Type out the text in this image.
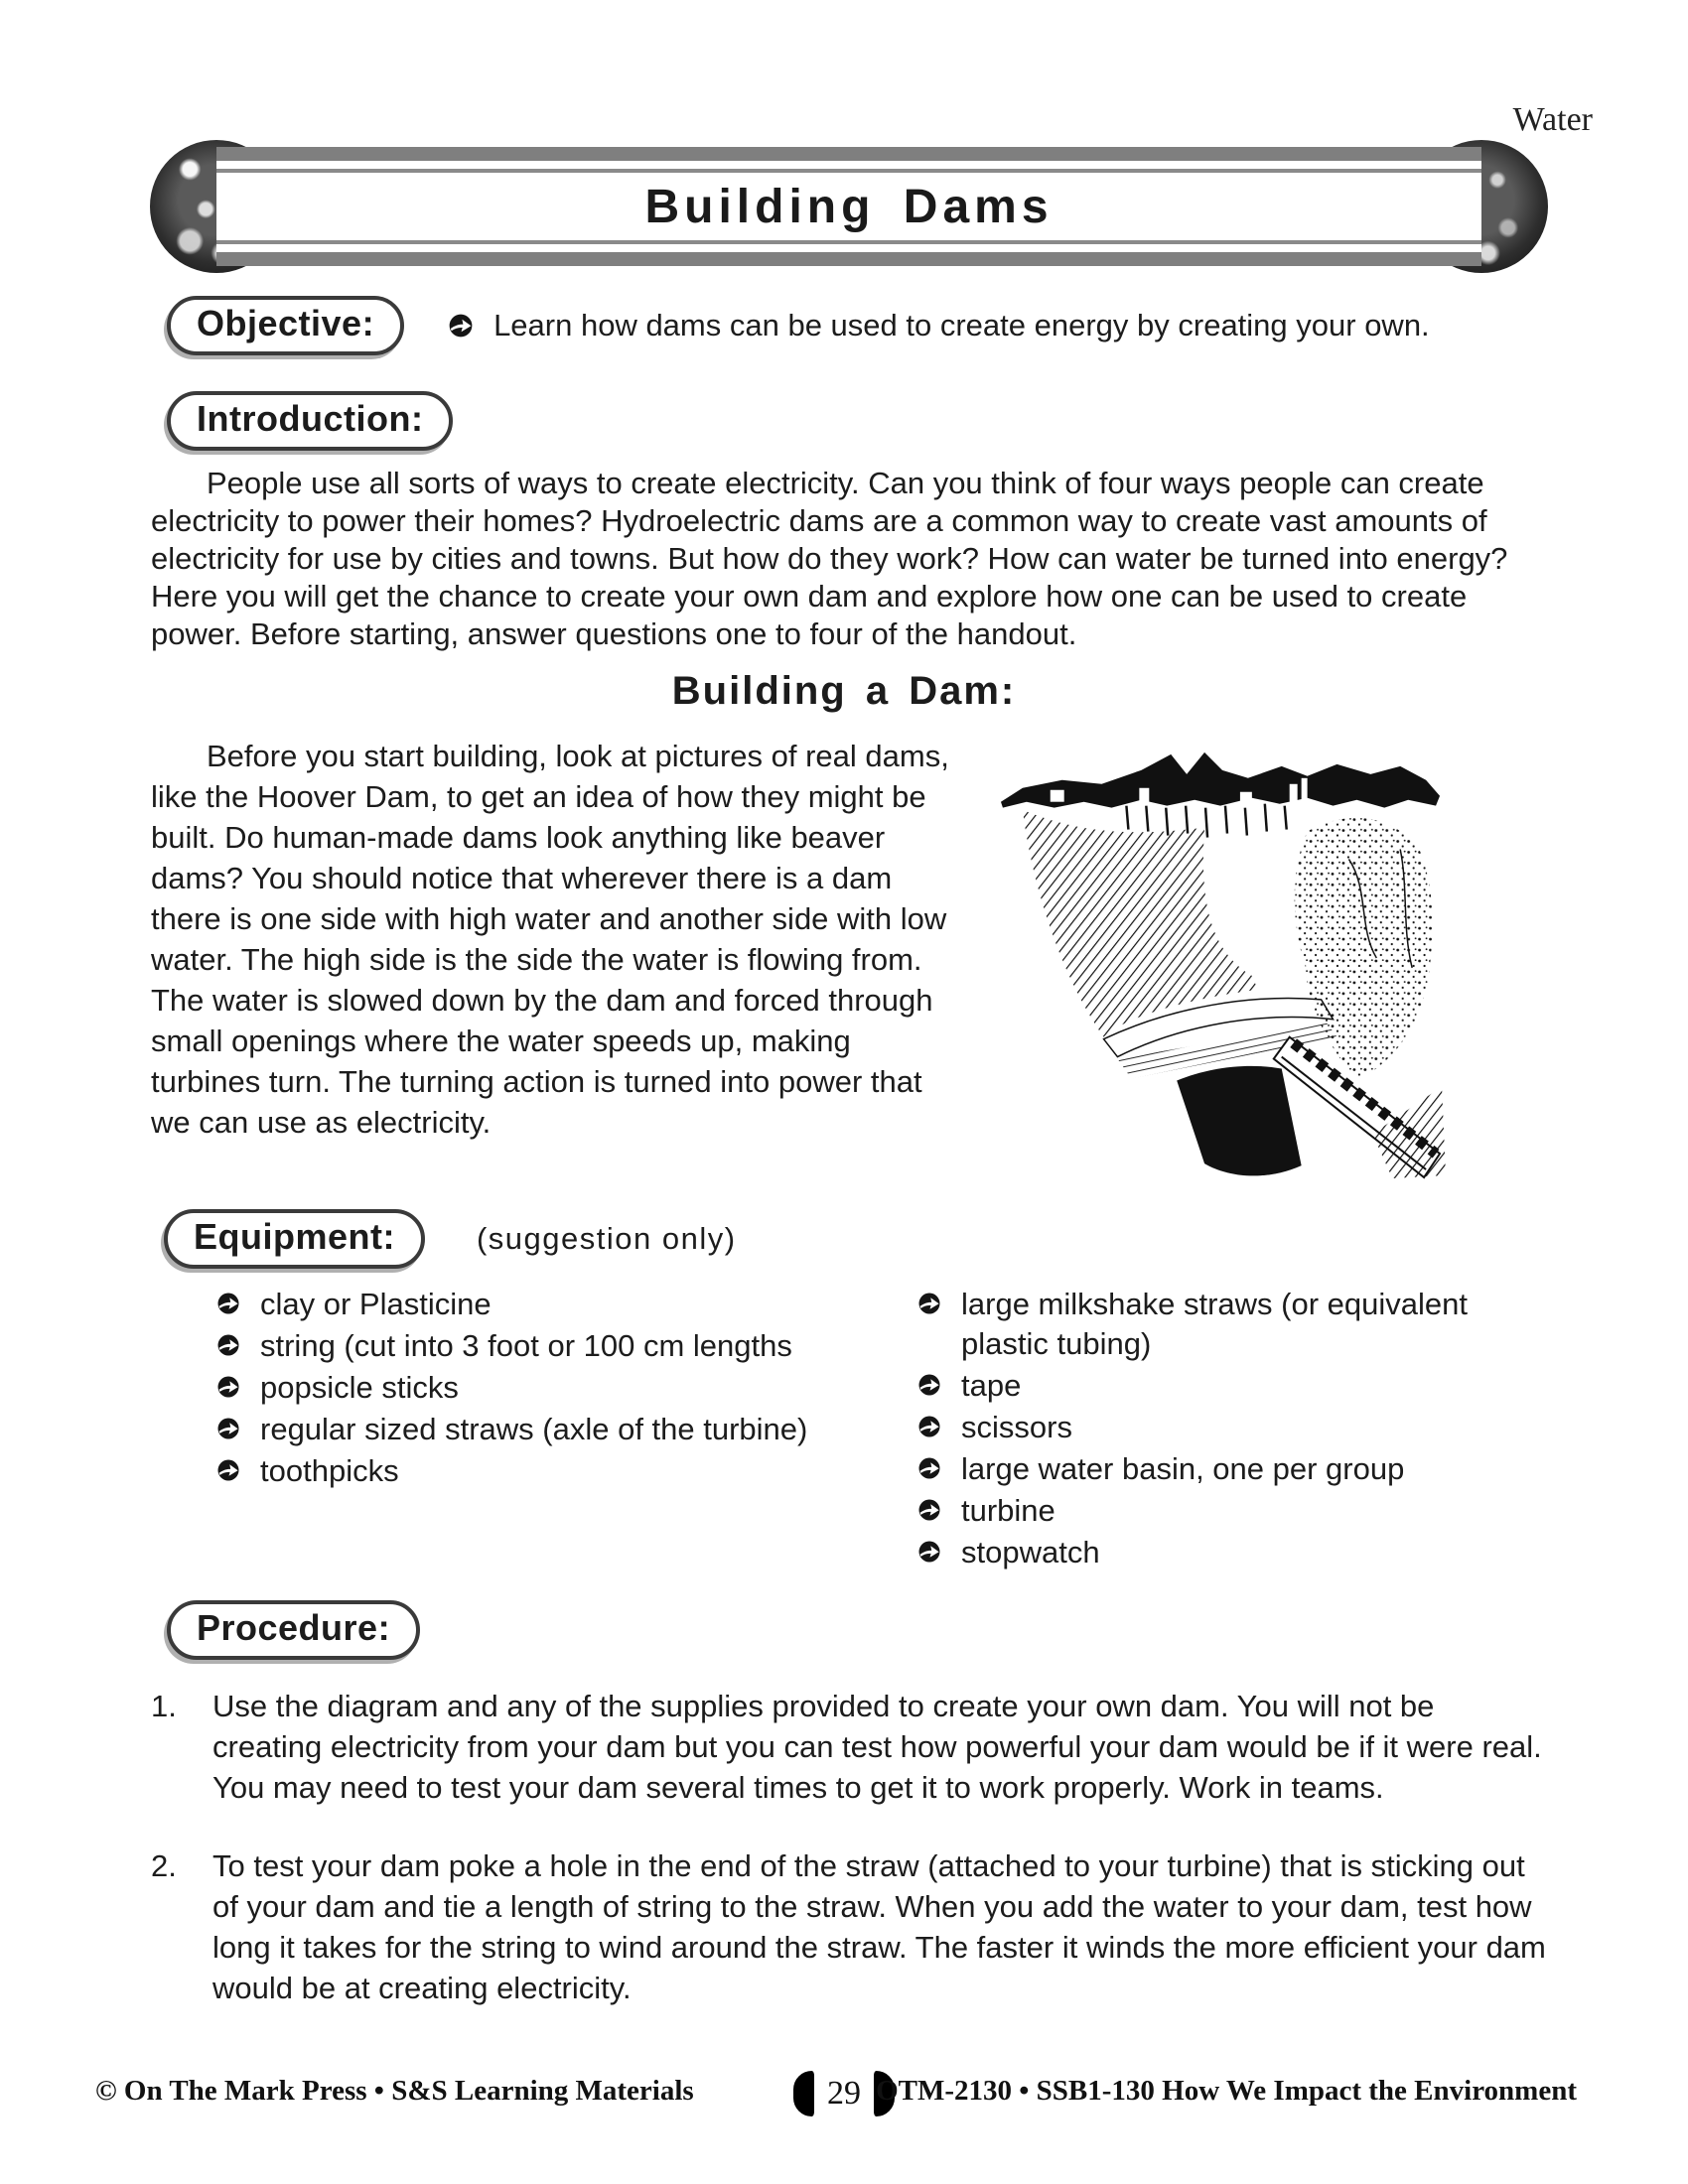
Water
Building Dams
Objective:	Learn how dams can be used to create energy by creating your own.
Introduction:

People use all sorts of ways to create electricity. Can you think of four ways people can create electricity to power their homes? Hydroelectric dams are a common way to create vast amounts of electricity for use by cities and towns. But how do they work? How can water be turned into energy? Here you will get the chance to create your own dam and explore how one can be used to create power. Before starting, answer questions one to four of the handout.

Building a Dam:
Before you start building, look at pictures of real dams, like the Hoover Dam, to get an idea of how they might be built. Do human-made dams look anything like beaver dams? You should notice that wherever there is a dam there is one side with high water and another side with low water. The high side is the side the water is flowing from. The water is slowed down by the dam and forced through small openings where the water speeds up, making turbines turn. The turning action is turned into power that we can use as electricity.
Equipment:	(suggestion only)
clay or Plasticine
string (cut into 3 foot or 100 cm lengths
popsicle sticks
regular sized straws (axle of the turbine)
toothpicks
large milkshake straws (or equivalent plastic tubing)
tape
scissors
large water basin, one per group
turbine
stopwatch
Procedure:
1.	Use the diagram and any of the supplies provided to create your own dam. You will not be creating electricity from your dam but you can test how powerful your dam would be if it were real. You may need to test your dam several times to get it to work properly. Work in teams.
2.	To test your dam poke a hole in the end of the straw (attached to your turbine) that is sticking out of your dam and tie a length of string to the straw. When you add the water to your dam, test how long it takes for the string to wind around the straw. The faster it winds the more efficient your dam would be at creating electricity.
© On The Mark Press • S&S Learning Materials	29 OTM-2130 • SSB1-130 How We Impact the Environment
